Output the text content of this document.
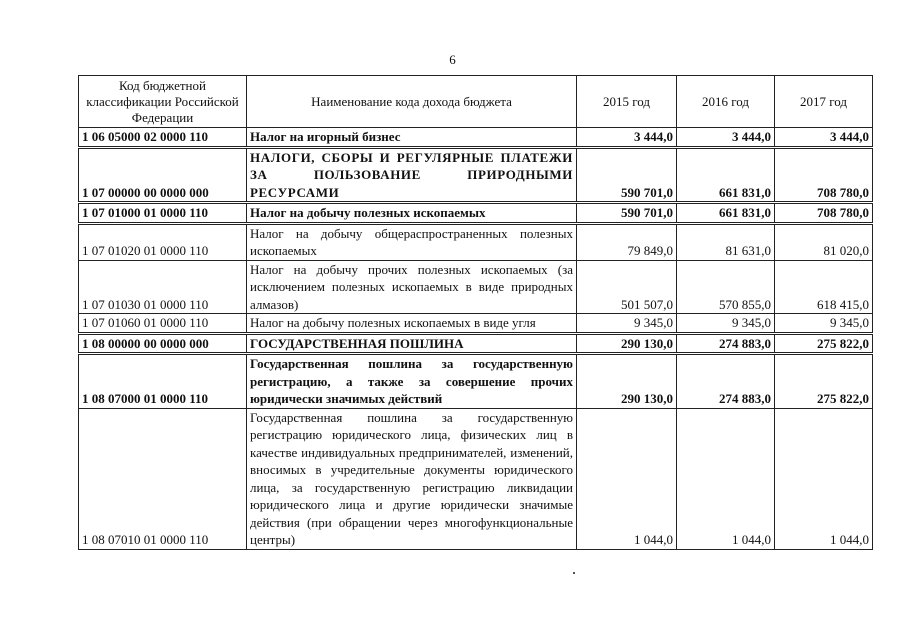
6
Код бюджетной классификации Российской Федерации	Наименование кода дохода бюджета	2015 год	2016 год	2017 год
1 06 05000 02 0000 110	Налог на игорный бизнес	3 444,0	3 444,0	3 444,0
1 07 00000 00 0000 000	НАЛОГИ, СБОРЫ И РЕГУЛЯРНЫЕ ПЛАТЕЖИ ЗА ПОЛЬЗОВАНИЕ ПРИРОДНЫМИ РЕСУРСАМИ	590 701,0	661 831,0	708 780,0
1 07 01000 01 0000 110	Налог на добычу полезных ископаемых	590 701,0	661 831,0	708 780,0
1 07 01020 01 0000 110	Налог на добычу общераспространенных полезных ископаемых	79 849,0	81 631,0	81 020,0
1 07 01030 01 0000 110	Налог на добычу прочих полезных ископаемых (за исключением полезных ископаемых в виде природных алмазов)	501 507,0	570 855,0	618 415,0
1 07 01060 01 0000 110	Налог на добычу полезных ископаемых в виде угля	9 345,0	9 345,0	9 345,0
1 08 00000 00 0000 000	ГОСУДАРСТВЕННАЯ ПОШЛИНА	290 130,0	274 883,0	275 822,0
1 08 07000 01 0000 110	Государственная пошлина за государственную регистрацию, а также за совершение прочих юридически значимых действий	290 130,0	274 883,0	275 822,0
1 08 07010 01 0000 110	Государственная пошлина за государственную регистрацию юридического лица, физических лиц в качестве индивидуальных предпринимателей, изменений, вносимых в учредительные документы юридического лица, за государственную регистрацию ликвидации юридического лица и другие юридически значимые действия (при обращении через многофункциональные центры)	1 044,0	1 044,0	1 044,0
